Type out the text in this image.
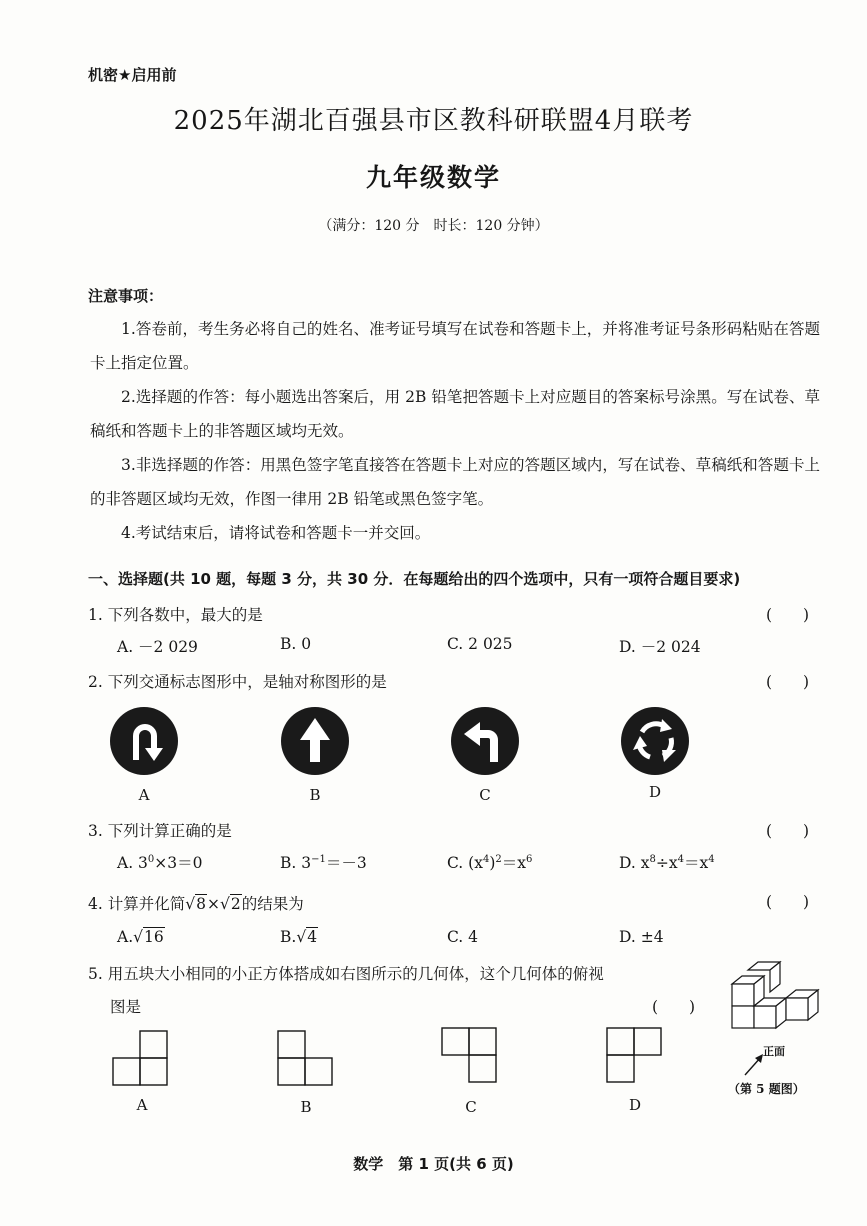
机密★启用前
2025年湖北百强县市区教科研联盟4月联考
九年级数学
（满分：120 分　时长：120 分钟）
注意事项：
1.答卷前，考生务必将自己的姓名、准考证号填写在试卷和答题卡上，并将准考证号条形码粘贴在答题卡上指定位置。
2.选择题的作答：每小题选出答案后，用 2B 铅笔把答题卡上对应题目的答案标号涂黑。写在试卷、草稿纸和答题卡上的非答题区域均无效。
3.非选择题的作答：用黑色签字笔直接答在答题卡上对应的答题区域内，写在试卷、草稿纸和答题卡上的非答题区域均无效，作图一律用 2B 铅笔或黑色签字笔。
4.考试结束后，请将试卷和答题卡一并交回。
一、选择题(共 10 题，每题 3 分，共 30 分．在每题给出的四个选项中，只有一项符合题目要求)
1. 下列各数中，最大的是	(　　)
A. －2 029	B. 0	C. 2 025	D. －2 024
2. 下列交通标志图形中，是轴对称图形的是	(　　)
A	B	C	D
3. 下列计算正确的是	(　　)
A. $3^0\times 3=0$	B. $3^{-1}=-3$	C. $(x^4)^2=x^6$	D. $x^8\div x^4=x^4$
4. 计算并化简√8×√2的结果为	(　　)
A.√16	B.√4	C. 4	D. ±4
5. 用五块大小相同的小正方体搭成如右图所示的几何体，这个几何体的俯视
图是	(　　)
A	B	C	D
正面
（第 5 题图）
数学　第 1 页(共 6 页)
